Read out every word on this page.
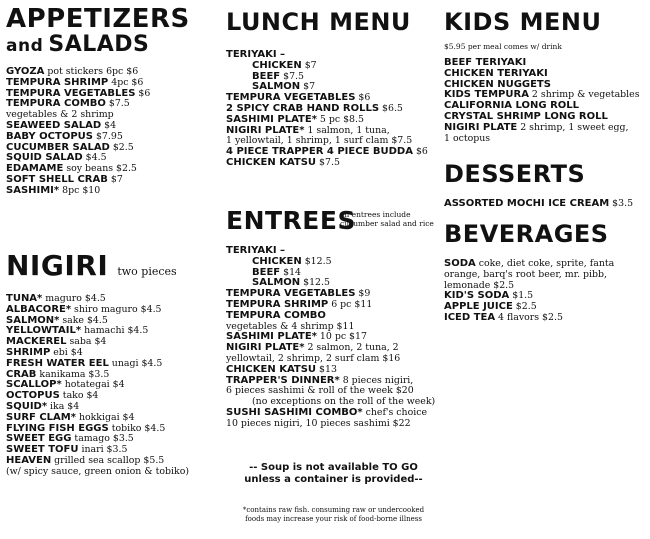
APPETIZERS
and SALADS
GYOZA pot stickers 6pc $6
TEMPURA SHRIMP 4pc $6
TEMPURA VEGETABLES $6
TEMPURA COMBO $7.5
vegetables & 2 shrimp
SEAWEED SALAD $4
BABY OCTOPUS $7.95
CUCUMBER SALAD $2.5
SQUID SALAD $4.5
EDAMAME soy beans $2.5
SOFT SHELL CRAB $7
SASHIMI* 8pc $10
NIGIRI two pieces
TUNA* maguro $4.5
ALBACORE* shiro maguro $4.5
SALMON* sake $4.5
YELLOWTAIL* hamachi $4.5
MACKEREL saba $4
SHRIMP ebi $4
FRESH WATER EEL unagi $4.5
CRAB kanikama $3.5
SCALLOP* hotategai $4
OCTOPUS tako $4
SQUID* ika $4
SURF CLAM* hokkigai $4
FLYING FISH EGGS tobiko $4.5
SWEET EGG tamago $3.5
SWEET TOFU inari $3.5
HEAVEN grilled sea scallop $5.5
(w/ spicy sauce, green onion & tobiko)
LUNCH MENU
TERIYAKI –
CHICKEN $7
BEEF $7.5
SALMON $7
TEMPURA VEGETABLES $6
2 SPICY CRAB HAND ROLLS $6.5
SASHIMI PLATE* 5 pc $8.5
NIGIRI PLATE* 1 salmon, 1 tuna,
1 yellowtail, 1 shrimp, 1 surf clam $7.5
4 PIECE TRAPPER 4 PIECE BUDDA $6
CHICKEN KATSU $7.5
ENTREES
all entrees include cucumber salad and rice
TERIYAKI –
CHICKEN $12.5
BEEF $14
SALMON $12.5
TEMPURA VEGETABLES $9
TEMPURA SHRIMP 6 pc $11
TEMPURA COMBO
vegetables & 4 shrimp $11
SASHIMI PLATE* 10 pc $17
NIGIRI PLATE* 2 salmon, 2 tuna, 2
yellowtail, 2 shrimp, 2 surf clam $16
CHICKEN KATSU $13
TRAPPER'S DINNER* 8 pieces nigiri,
6 pieces sashimi & roll of the week $20
(no exceptions on the roll of the week)
SUSHI SASHIMI COMBO* chef's choice
10 pieces nigiri, 10 pieces sashimi $22
-- Soup is not available TO GO
unless a container is provided--
*contains raw fish. consuming raw or undercooked
foods may increase your risk of food-borne illness
KIDS MENU
$5.95 per meal comes w/ drink
BEEF TERIYAKI
CHICKEN TERIYAKI
CHICKEN NUGGETS
KIDS TEMPURA 2 shrimp & vegetables
CALIFORNIA LONG ROLL
CRYSTAL SHRIMP LONG ROLL
NIGIRI PLATE 2 shrimp, 1 sweet egg,
1 octopus
DESSERTS
ASSORTED MOCHI ICE CREAM $3.5
BEVERAGES
SODA coke, diet coke, sprite, fanta
orange, barq's root beer, mr. pibb,
lemonade $2.5
KID'S SODA $1.5
APPLE JUICE $2.5
ICED TEA 4 flavors $2.5
